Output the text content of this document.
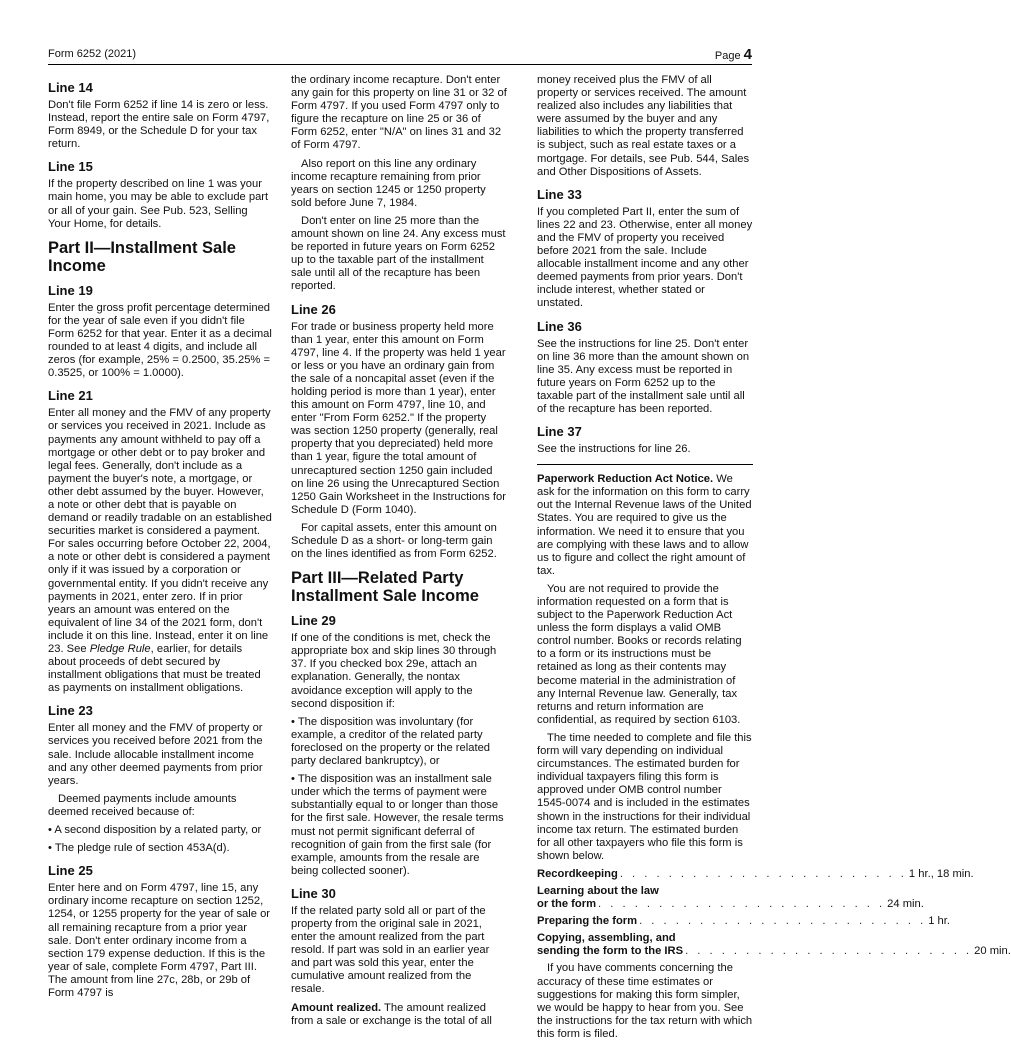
Form 6252 (2021)	Page 4
Line 14

Don't file Form 6252 if line 14 is zero or less. Instead, report the entire sale on Form 4797, Form 8949, or the Schedule D for your tax return.

Line 15

If the property described on line 1 was your main home, you may be able to exclude part or all of your gain. See Pub. 523, Selling Your Home, for details.

Part II—Installment Sale Income
Line 19

Enter the gross profit percentage determined for the year of sale even if you didn't file Form 6252 for that year. Enter it as a decimal rounded to at least 4 digits, and include all zeros (for example, 25% = 0.2500, 35.25% = 0.3525, or 100% = 1.0000).

Line 21

Enter all money and the FMV of any property or services you received in 2021. Include as payments any amount withheld to pay off a mortgage or other debt or to pay broker and legal fees. Generally, don't include as a payment the buyer's note, a mortgage, or other debt assumed by the buyer. However, a note or other debt that is payable on demand or readily tradable on an established securities market is considered a payment. For sales occurring before October 22, 2004, a note or other debt is considered a payment only if it was issued by a corporation or governmental entity. If you didn't receive any payments in 2021, enter zero. If in prior years an amount was entered on the equivalent of line 34 of the 2021 form, don't include it on this line. Instead, enter it on line 23. See Pledge Rule, earlier, for details about proceeds of debt secured by installment obligations that must be treated as payments on installment obligations.

Line 23

Enter all money and the FMV of property or services you received before 2021 from the sale. Include allocable installment income and any other deemed payments from prior years.

Deemed payments include amounts deemed received because of:

• A second disposition by a related party, or

• The pledge rule of section 453A(d).

Line 25

Enter here and on Form 4797, line 15, any ordinary income recapture on section 1252, 1254, or 1255 property for the year of sale or all remaining recapture from a prior year sale. Don't enter ordinary income from a section 179 expense deduction. If this is the year of sale, complete Form 4797, Part III. The amount from line 27c, 28b, or 29b of Form 4797 is

the ordinary income recapture. Don't enter any gain for this property on line 31 or 32 of Form 4797. If you used Form 4797 only to figure the recapture on line 25 or 36 of Form 6252, enter "N/A" on lines 31 and 32 of Form 4797.

Also report on this line any ordinary income recapture remaining from prior years on section 1245 or 1250 property sold before June 7, 1984.

Don't enter on line 25 more than the amount shown on line 24. Any excess must be reported in future years on Form 6252 up to the taxable part of the installment sale until all of the recapture has been reported.

Line 26

For trade or business property held more than 1 year, enter this amount on Form 4797, line 4. If the property was held 1 year or less or you have an ordinary gain from the sale of a noncapital asset (even if the holding period is more than 1 year), enter this amount on Form 4797, line 10, and enter "From Form 6252." If the property was section 1250 property (generally, real property that you depreciated) held more than 1 year, figure the total amount of unrecaptured section 1250 gain included on line 26 using the Unrecaptured Section 1250 Gain Worksheet in the Instructions for Schedule D (Form 1040).

For capital assets, enter this amount on Schedule D as a short- or long-term gain on the lines identified as from Form 6252.

Part III—Related Party Installment Sale Income
Line 29

If one of the conditions is met, check the appropriate box and skip lines 30 through 37. If you checked box 29e, attach an explanation. Generally, the nontax avoidance exception will apply to the second disposition if:

• The disposition was involuntary (for example, a creditor of the related party foreclosed on the property or the related party declared bankruptcy), or

• The disposition was an installment sale under which the terms of payment were substantially equal to or longer than those for the first sale. However, the resale terms must not permit significant deferral of recognition of gain from the first sale (for example, amounts from the resale are being collected sooner).

Line 30

If the related party sold all or part of the property from the original sale in 2021, enter the amount realized from the part resold. If part was sold in an earlier year and part was sold this year, enter the cumulative amount realized from the resale.

Amount realized. The amount realized from a sale or exchange is the total of all

money received plus the FMV of all property or services received. The amount realized also includes any liabilities that were assumed by the buyer and any liabilities to which the property transferred is subject, such as real estate taxes or a mortgage. For details, see Pub. 544, Sales and Other Dispositions of Assets.

Line 33

If you completed Part II, enter the sum of lines 22 and 23. Otherwise, enter all money and the FMV of property you received before 2021 from the sale. Include allocable installment income and any other deemed payments from prior years. Don't include interest, whether stated or unstated.

Line 36

See the instructions for line 25. Don't enter on line 36 more than the amount shown on line 35. Any excess must be reported in future years on Form 6252 up to the taxable part of the installment sale until all of the recapture has been reported.

Line 37

See the instructions for line 26.

Paperwork Reduction Act Notice. We ask for the information on this form to carry out the Internal Revenue laws of the United States. You are required to give us the information. We need it to ensure that you are complying with these laws and to allow us to figure and collect the right amount of tax.

You are not required to provide the information requested on a form that is subject to the Paperwork Reduction Act unless the form displays a valid OMB control number. Books or records relating to a form or its instructions must be retained as long as their contents may become material in the administration of any Internal Revenue law. Generally, tax returns and return information are confidential, as required by section 6103.

The time needed to complete and file this form will vary depending on individual circumstances. The estimated burden for individual taxpayers filing this form is approved under OMB control number 1545-0074 and is included in the estimates shown in the instructions for their individual income tax return. The estimated burden for all other taxpayers who file this form is shown below.

Recordkeeping . . . . . . . . . . . . . . . . . . . . . . . . 1 hr., 18 min.
Learning about the law
or the form . . . . . . . . . . . . . . . . . . . . . . . . 24 min.
Preparing the form . . . . . . . . . . . . . . . . . . . . . . . . 1 hr.
Copying, assembling, and
sending the form to the IRS . . . . . . . . . . . . . . . . . . . . . . . . 20 min.

If you have comments concerning the accuracy of these time estimates or suggestions for making this form simpler, we would be happy to hear from you. See the instructions for the tax return with which this form is filed.
